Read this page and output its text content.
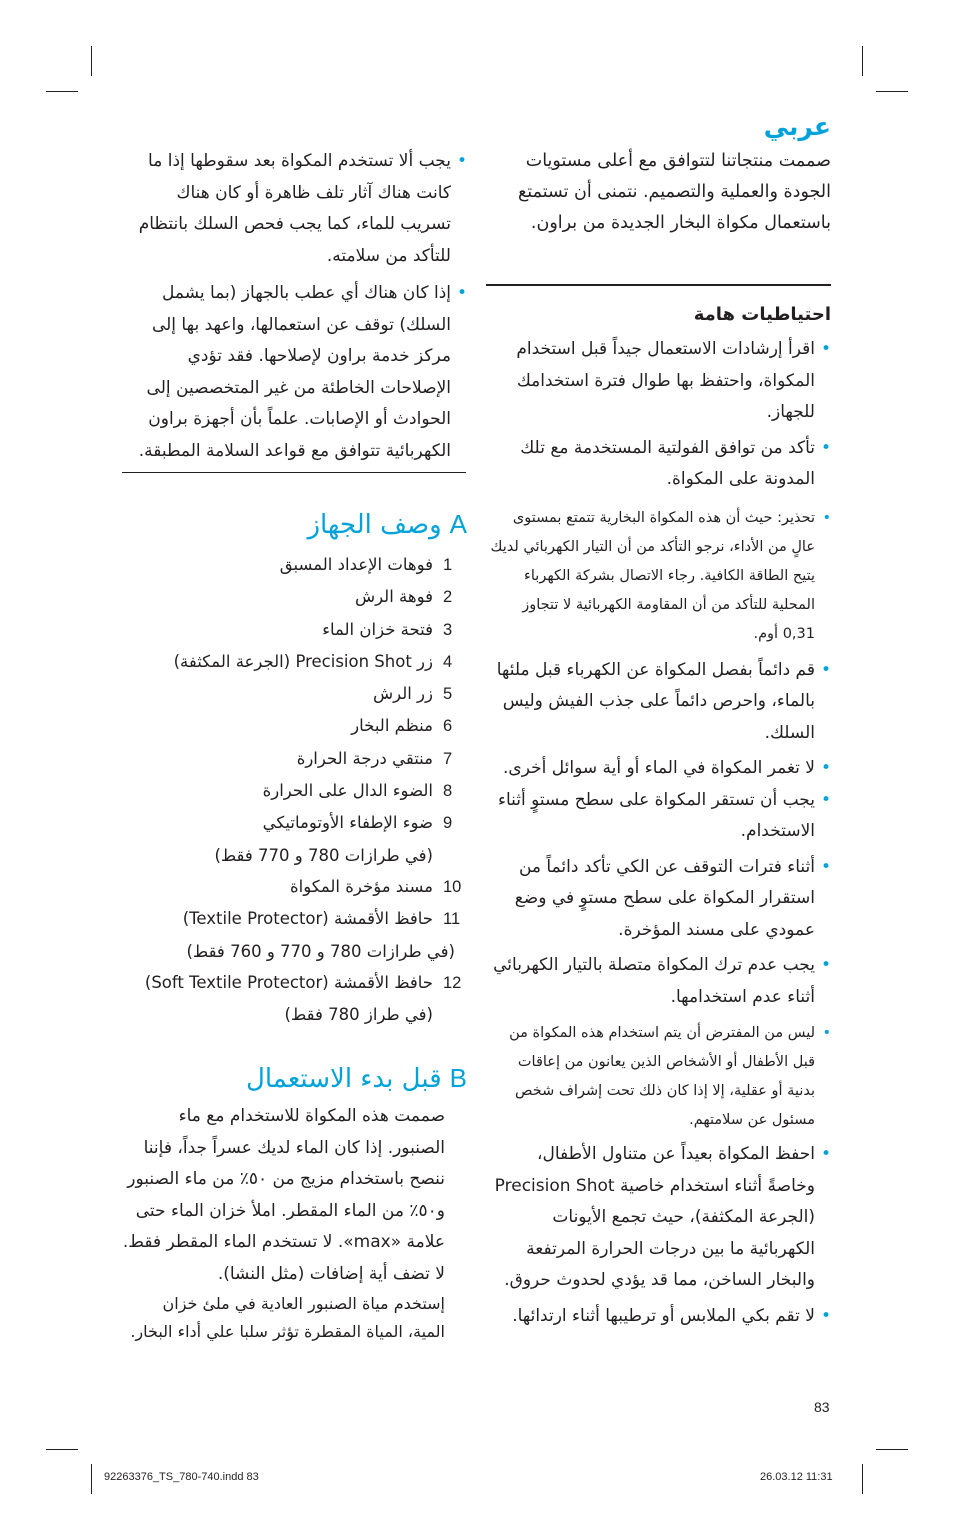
عربي
صممت منتجاتنا لتتوافق مع أعلى مستويات الجودة والعملية والتصميم. نتمنى أن تستمتع باستعمال مكواة البخار الجديدة من براون.
احتياطيات هامة
•
اقرأ إرشادات الاستعمال جيداً قبل استخدام المكواة، واحتفظ بها طوال فترة استخدامك للجهاز.
•
تأكد من توافق الفولتية المستخدمة مع تلك المدونة على المكواة.
•
تحذير: حيث أن هذه المكواة البخارية تتمتع بمستوى عالٍ من الأداء، نرجو التأكد من أن التيار الكهربائي لديك يتيح الطاقة الكافية. رجاء الاتصال بشركة الكهرباء المحلية للتأكد من أن المقاومة الكهربائية لا تتجاوز 0,31 أوم.
•
قم دائماً بفصل المكواة عن الكهرباء قبل ملئها بالماء، واحرص دائماً على جذب الفيش وليس السلك.
•
لا تغمر المكواة في الماء أو أية سوائل أخرى.
•
يجب أن تستقر المكواة على سطح مستوٍ أثناء الاستخدام.
•
أثناء فترات التوقف عن الكي تأكد دائماً من استقرار المكواة على سطح مستوٍ في وضع عمودي على مسند المؤخرة.
•
يجب عدم ترك المكواة متصلة بالتيار الكهربائي أثناء عدم استخدامها.
•
ليس من المفترض أن يتم استخدام هذه المكواة من قبل الأطفال أو الأشخاص الذين يعانون من إعاقات بدنية أو عقلية، إلا إذا كان ذلك تحت إشراف شخص مسئول عن سلامتهم.
•
احفظ المكواة بعيداً عن متناول الأطفال، وخاصةً أثناء استخدام خاصية Precision Shot (الجرعة المكثفة)، حيث تجمع الأيونات الكهربائية ما بين درجات الحرارة المرتفعة والبخار الساخن، مما قد يؤدي لحدوث حروق.
•
لا تقم بكي الملابس أو ترطيبها أثناء ارتدائها.
•
يجب ألا تستخدم المكواة بعد سقوطها إذا ما كانت هناك آثار تلف ظاهرة أو كان هناك تسريب للماء، كما يجب فحص السلك بانتظام للتأكد من سلامته.
•
إذا كان هناك أي عطب بالجهاز (بما يشمل السلك) توقف عن استعمالها، واعهد بها إلى مركز خدمة براون لإصلاحها. فقد تؤدي الإصلاحات الخاطئة من غير المتخصصين إلى الحوادث أو الإصابات. علماً بأن أجهزة براون الكهربائية تتوافق مع قواعد السلامة المطبقة.
Aوصف الجهاز
1فوهات الإعداد المسبق
2فوهة الرش
3فتحة خزان الماء
4زر Precision Shot (الجرعة المكثفة)
5زر الرش
6منظم البخار
7منتقي درجة الحرارة
8الضوء الدال على الحرارة
9ضوء الإطفاء الأوتوماتيكي
(في طرازات 780 و 770 فقط)
10مسند مؤخرة المكواة
11حافظ الأقمشة (Textile Protector)
(في طرازات 780 و 770 و 760 فقط)
12حافظ الأقمشة (Soft Textile Protector)
(في طراز 780 فقط)
Bقبل بدء الاستعمال
صممت هذه المكواة للاستخدام مع ماء الصنبور. إذا كان الماء لديك عسراً جداً، فإننا ننصح باستخدام مزيج من ٥٠٪ من ماء الصنبور و٥٠٪ من الماء المقطر. املأ خزان الماء حتى علامة «max». لا تستخدم الماء المقطر فقط. لا تضف أية إضافات (مثل النشا).
إستخدم مياة الصنبور العادية في ملئ خزان المية، المياة المقطرة تؤثر سلبا علي أداء البخار.
83
92263376_TS_780-740.indd 83	26.03.12 11:31
